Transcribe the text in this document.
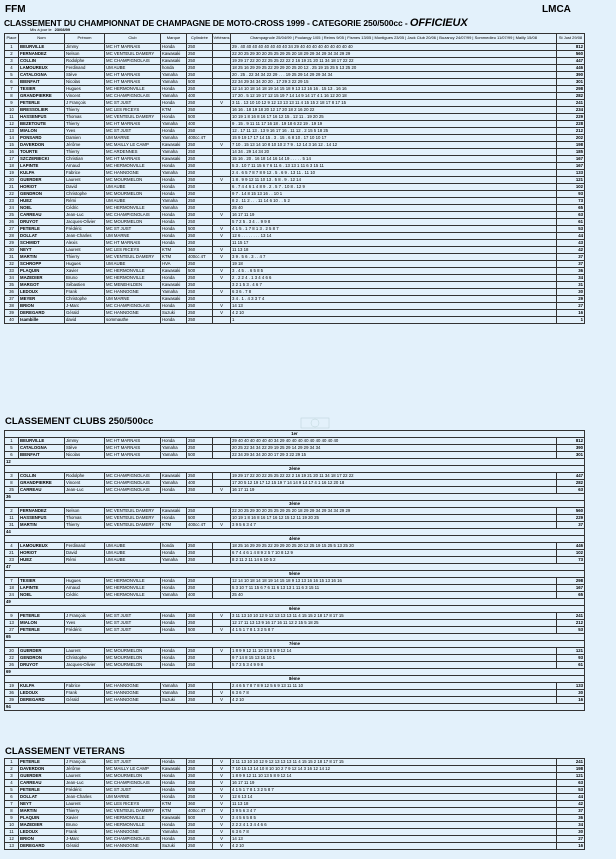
FFM	LMCA
CLASSEMENT DU CHAMPIONNAT DE CHAMPAGNE DE MOTO-CROSS 1999 - CATEGORIE 250/500cc - OFFICIEUX
Mis à jour le 23/08/99
Place	Nom	Prénom	Club	Marque	Cylindrée	Vétérans	Champagnole 25/04/99 | Poulangy 1/05 | Reims 9/05 | Fismes 13/05 | Montigues 23/05 | Jack Club 20/06 | Buzancy 24/07/99 | Sommedieu 11/07/99 | Mailly 15/08	St Just 29/08
1	BEURVILLE	Jimmy	MC HT MARNAIS	Honda	250		29 . 40 40 40 40 40 40 40 40 34 29 40 40 40 40 40 40 40 40 40	812
2	FERNANDEZ	Nelson	MC VENTEUIL DAMERY	Kawasaki	250		22 20 25 29 30 20 25 25 29 25 20 18 29 29 34 29 34 34 29 29	560
3	COLLIN	Rodolphe	MC CHAMPIGNOLAIS	Kawasaki	250		19 29 17 22 20 22 25 25 22 22 2 16 19 21 20 11 34 18 17 22 22	447
4	LAMOUREUX	Ferdinand	UM AUBE	honda	250		18 25 16 29 29 25 22 29 29 20 25 20 12 . 25 19 15 25 5 13 25 20	446
5	CATALOGNA	Stève	MC HT MARNAIS	Yamaha	250		20 . 25 . 22 34 34 22 29 . . . 19 25 29 14 29 29 34 34	390
6	BIENFAIT	Nicolas	MC HT MARNAIS	Yamaha	500		22 34 29 34 34 20 20 . 17 29 3 22 29 15	301
7	TEXIER	Hugues	MC HERMONVILLE	Honda	250		12 14 10 18 14 18 19 14 15 18 9 13 13 16 16 . 15 13 . 16 16	298
8	GRANDPIERRE	Vincent	MC CHAMPIGNOLAIS	Yamaha	400		17 20 . 5 12 19 17 12 15 19 7 14 14 9 14 17 4 1 16 12 20 18	282
9	PETERLE	J François	MC ST JUST	Honda	250	V	3 11 . 13 10 10 12 9 12 13 13 13 11 4 15 15 2 18 17 8 17 15	241
10	BRESSOLIER	Thierry	MC LES RICEYS	KTM	250		16 16 . 18 19 18 20 12 17 20 18 2 16 20 22	234
11	HASSENFUS	Thomas	MC VENTEUIL DAMERY	Honda	500		10 19 1 8 16 8 16 17 16 12 15 . 12 11 . 19 20 25	229
12	BEZETOUTE	Thierry	MC HT MARNAIS	Yamaha	400		9 . 15 . 9 11 11 17 16 18 . 19 18 6 22 19 . 19 19	228
13	MIALON	Yves	MC ST JUST	Honda	250		12 . 17 11 13 . 13 9 16 17 16 . 11 12 . 2 15 5 18 25	212
14	PONSARD	Damien	UM MARNE	Yamaha	400cc 4T		15 9 19 17 17 14 15 . 3 . 15 . 6 8 10 . 17 10 10 17	202
15	DAVERDON	Jérôme	MC MAILLY LE CAMP	Kawasaki	250	V	7 10 . 15 13 14 10 8 10 10 2 7 9 . 12 14 3 16 12 . 14 12	198
16	TOURTE	Thierry	MC ARDENNES	Yamaha	250		14 34 . 29 14 34 20	185
17	SZCZERBICKI	Christian	MC HT MARNAIS	Kawasaki	250		15 16 . 20 . 16 18 14 16 14 19 . . . . . 5 14	167
18	LAPINTE	Arnaud	MC HERMONVILLE	Honda	250		5 3 . 10 7 11 15 6 7 6 11 6 . 13 13 1 11 6 3 15 11	167
19	KULPA	Fabrice	MC HANNOGNE	Yamaha	250		2 4 . 6 5 7 8 7 8 9 12 . 5 . 6 9 . 13 11 . 11 10	133
20	GUERDER	Laurent	MC MOURMELON	Honda	250	V	1 8 . 9 9 12 11 10 13 . 5 8 . 9 . 12 14	121
21	HORIOT	David	UM AUBE	Honda	250		6 . 7 4 4 6 1 4 8 9 . 2 . 5 7 . 10 8 . 12 9	102
22	GENDRON	Christophe	MC MOURMELON	Honda	250		9 7 . 14 8 15 13 16 . . 10 1	93
23	HUEZ	Rémi	UM AUBE	Yamaha	250		8 2 . 11 2 . . . 11 14 6 10 . . 5 2	73
24	NOEL	Cédric	MC HERMONVILLE	Yamaha	250		25 40	65
25	CARREAU	Jean-Luc	MC CHAMPIGNOLAIS	Honda	250	V	16 17 11 19	63
26	DRUYOT	Jacques-Olivier	MC MOURMELON	Honda	250		5 7 2 5 . 3 4 . . 9 9 8	61
27	PETERLE	Frédéric	MC ST JUST	Honda	500	V	4 1 5 . 1 7 8 1 3 . 2 5 8 7	53
28	DOLLAT	Jean-Charles	UM MARNE	Honda	250	V	12 6 . . . . . . . . 13 14	44
29	SCHMIDT	Alexis	MC HT MARNAIS	Honda	250		11 15 17	43
30	NEYT	Laurent	MC LES RICEYS	KTM	360	V	11 13 18	42
31	MARTIN	Thierry	MC VENTEUIL DAMERY	KTM	400cc 4T	V	3 9 . 5 6 . 3 . . 4 7	37
32	SCHROPP	Hugues	UM AUBE	HVA	250		19 18	37
33	PLAQUIN	Xavier	MC HERMONVILLE	Kawasaki	500	V	3 . 4 5 . . 6 5 8 5	36
34	MAZEDIER	Bruno	MC HERMONVILLE	Honda	250	V	2 . 2 2 4 . 1 3 4 4 6 6	34
35	MARGOT	Sébastien	MC MENEHILDEN	Kawasaki	250		3 2 1 5 3 . 4 6 7	31
36	LEDOUX	Frank	MC HANNOGNE	Yamaha	250	V	6 3 6 . 7 8	30
37	MEYER	Christophe	UM MARNE	Kawasaki	250		3 4 . 1 . 4 3 3 7 4	29
38	BRION	J-Marc	MC CHAMPIGNOLAIS	Honda	250	V	14 13	27
39	DEREGARD	Gérald	MC HANNOGNE	Suzuki	250	V	4 2 10	16
40	Isambille	david	sommauthe	Honda	250		1	1
CLASSEMENT CLUBS 250/500cc
1er								
1	BEURVILLE	Jimmy	MC HT MARNAIS	Honda	250		29 40 40 40 40 40 40 34 29 40 40 40 40 40 40 40 40 40	812
5	CATALOGNA	Stève	MC HT MARNAIS	Yamaha	250		20 25 22 34 34 22 29 19 25 29 14 29 29 34 34	390
6	BIENFAIT	Nicolas	MC HT MARNAIS	Yamaha	500		22 34 29 34 34 20 20 17 29 3 22 29 15	301
12								
2ème								
3	COLLIN	Rodolphe	MC CHAMPIGNOLAIS	Kawasaki	250		19 29 17 22 20 22 25 25 22 22 2 16 19 21 20 11 34 18 17 22 22	447
8	GRANDPIERRE	Vincent	MC CHAMPIGNOLAIS	Yamaha	400		17 20 5 12 19 17 12 15 19 7 14 14 9 14 17 4 1 16 12 20 18	282
25	CARREAU	Jean-Luc	MC CHAMPIGNOLAIS	Honda	250	V	16 17 11 19	63
36								
3ème								
2	FERNANDEZ	Nelson	MC VENTEUIL DAMERY	Kawasaki	250		22 20 25 29 30 20 25 25 29 25 20 18 29 29 34 29 34 34 29 29	560
11	HASSENFUS	Thomas	MC VENTEUIL DAMERY	Honda	500		10 19 1 8 16 8 16 17 16 12 15 12 11 19 20 25	229
31	MARTIN	Thierry	MC VENTEUIL DAMERY	KTM	400cc 4T	V	3 9 5 6 3 4 7	37
44								
4ème								
4	LAMOUREUX	Ferdinand	UM AUBE	honda	250		18 25 16 29 29 25 22 29 29 20 25 20 12 25 19 15 25 5 13 25 20	446
21	HORIOT	David	UM AUBE	Honda	250		6 7 4 4 6 1 4 8 9 2 5 7 10 8 12 9	102
23	HUEZ	Rémi	UM AUBE	Yamaha	250		8 2 11 2 11 14 6 10 5 2	73
47								
5ème								
7	TEXIER	Hugues	MC HERMONVILLE	Honda	250		12 14 10 18 14 18 19 14 15 18 9 13 13 16 16 15 13 16 16	298
18	LAPINTE	Arnaud	MC HERMONVILLE	Honda	250		5 3 10 7 11 15 6 7 6 11 6 13 13 1 11 6 3 15 11	167
24	NOEL	Cédric	MC HERMONVILLE	Yamaha	400		25 40	65
49								
6ème								
9	PETERLE	J François	MC ST JUST	Honda	250	V	3 11 13 10 10 12 9 12 13 13 13 11 4 15 15 2 18 17 8 17 15	241
13	MIALON	Yves	MC ST JUST	Honda	250		12 17 11 13 13 9 16 17 16 11 12 2 15 5 18 25	212
27	PETERLE	Frédéric	MC ST JUST	Honda	500	V	4 1 5 1 7 8 1 3 2 5 8 7	53
65								
7ème								
20	GUERDER	Laurent	MC MOURMELON	Honda	250	V	1 8 9 9 12 11 10 13 5 8 9 12 14	121
22	GENDRON	Christophe	MC MOURMELON	Honda	250		9 7 14 8 15 13 16 10 1	93
26	DRUYOT	Jacques-Olivier	MC MOURMELON	Honda	250		5 7 2 5 3 4 9 9 8	61
69								
8ème								
19	KULPA	Fabrice	MC HANNOGNE	Yamaha	250		2 4 6 5 7 8 7 8 9 12 5 6 9 13 11 11 10	133
36	LEDOUX	Frank	MC HANNOGNE	Yamaha	250	V	6 3 6 7 8	30
39	DEREGARD	Gérald	MC HANNOGNE	Suzuki	250	V	4 2 10	16
94								
CLASSEMENT VETERANS
1	PETERLE	J François	MC ST JUST	Honda	250	V	3 11 13 10 10 12 9 12 13 13 13 11 4 15 15 2 18 17 8 17 15	241
2	DAVERDON	Jérôme	MC MAILLY LE CAMP	Kawasaki	250	V	7 10 15 13 14 10 8 10 10 2 7 9 12 14 3 16 12 14 12	198
3	GUERDER	Laurent	MC MOURMELON	Honda	250	V	1 8 9 9 12 11 10 13 5 8 9 12 14	121
4	CARREAU	Jean-Luc	MC CHAMPIGNOLAIS	Honda	250	V	16 17 11 19	63
5	PETERLE	Frédéric	MC ST JUST	Honda	500	V	4 1 5 1 7 8 1 3 2 5 8 7	53
6	DOLLAT	Jean-Charles	UM MARNE	Honda	250	V	12 6 13 14	44
7	NEYT	Laurent	MC LES RICEYS	KTM	360	V	11 13 18	42
8	MARTIN	Thierry	MC VENTEUIL DAMERY	KTM	400cc 4T	V	3 9 5 6 3 4 7	37
9	PLAQUIN	Xavier	MC HERMONVILLE	Kawasaki	500	V	3 4 5 6 5 8 5	36
10	MAZEDIER	Bruno	MC HERMONVILLE	Honda	250	V	2 2 2 4 1 3 4 4 6 6	34
11	LEDOUX	Frank	MC HANNOGNE	Yamaha	250	V	6 3 6 7 8	30
12	BRION	J-Marc	MC CHAMPIGNOLAIS	Honda	250	V	14 13	27
13	DEREGARD	Gérald	MC HANNOGNE	Suzuki	250	V	4 2 10	16
